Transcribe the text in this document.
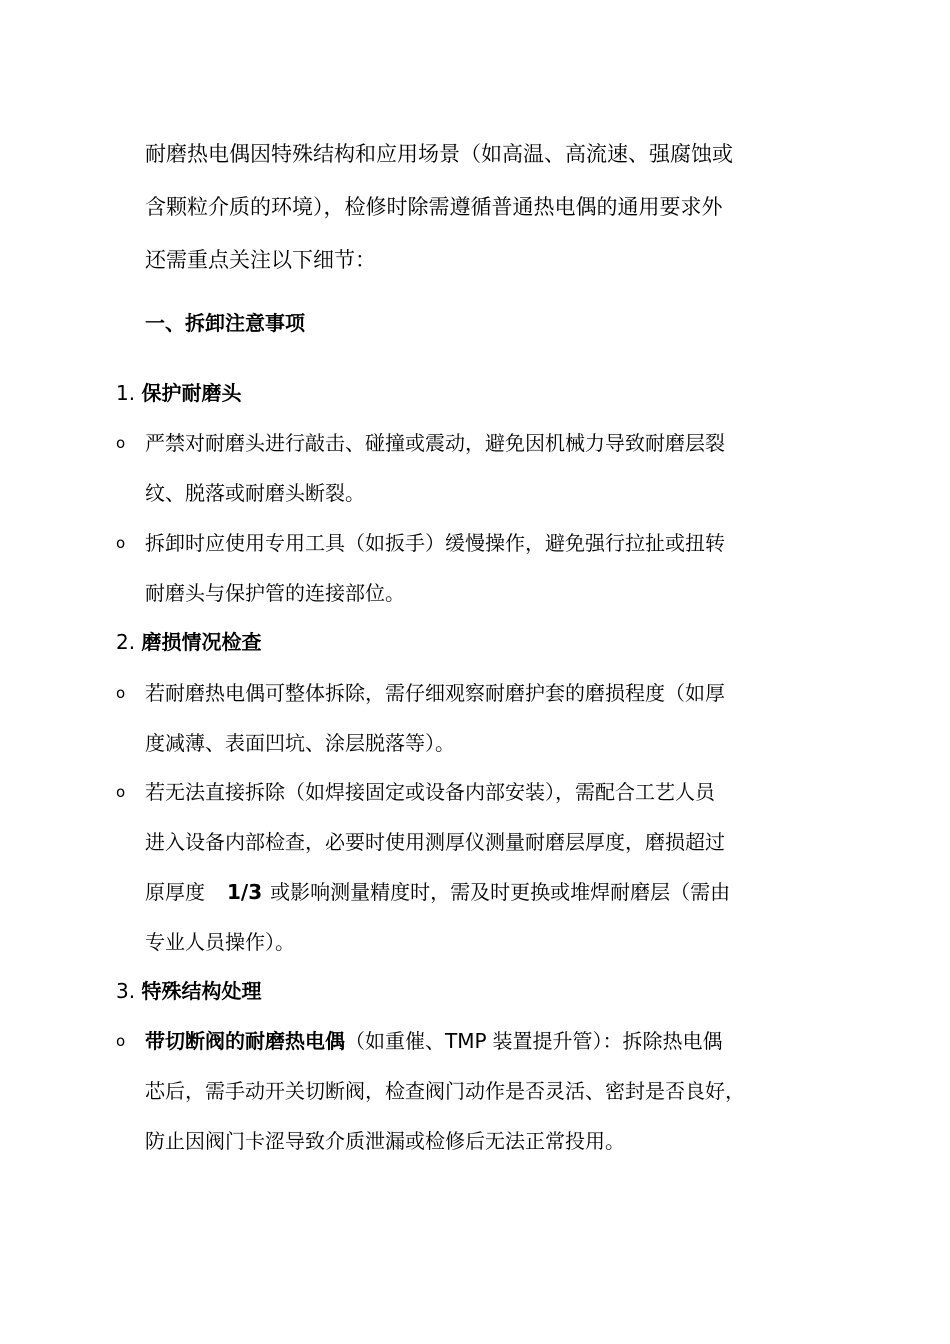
耐磨热电偶因特殊结构和应用场景（如高温、高流速、强腐蚀或
含颗粒介质的环境），检修时除需遵循普通热电偶的通用要求外
还需重点关注以下细节：

一、拆卸注意事项
1. 保护耐磨头
o 严禁对耐磨头进行敲击、碰撞或震动，避免因机械力导致耐磨层裂
纹、脱落或耐磨头断裂。

o 拆卸时应使用专用工具（如扳手）缓慢操作，避免强行拉扯或扭转
耐磨头与保护管的连接部位。

2. 磨损情况检查
o 若耐磨热电偶可整体拆除，需仔细观察耐磨护套的磨损程度（如厚
度减薄、表面凹坑、涂层脱落等）。

o 若无法直接拆除（如焊接固定或设备内部安装），需配合工艺人员
进入设备内部检查，必要时使用测厚仪测量耐磨层厚度，磨损超过
原厚度 1/3 或影响测量精度时，需及时更换或堆焊耐磨层（需由
专业人员操作）。

3. 特殊结构处理
o 带切断阀的耐磨热电偶（如重催、TMP 装置提升管）：拆除热电偶
芯后，需手动开关切断阀，检查阀门动作是否灵活、密封是否良好，
防止因阀门卡涩导致介质泄漏或检修后无法正常投用。
